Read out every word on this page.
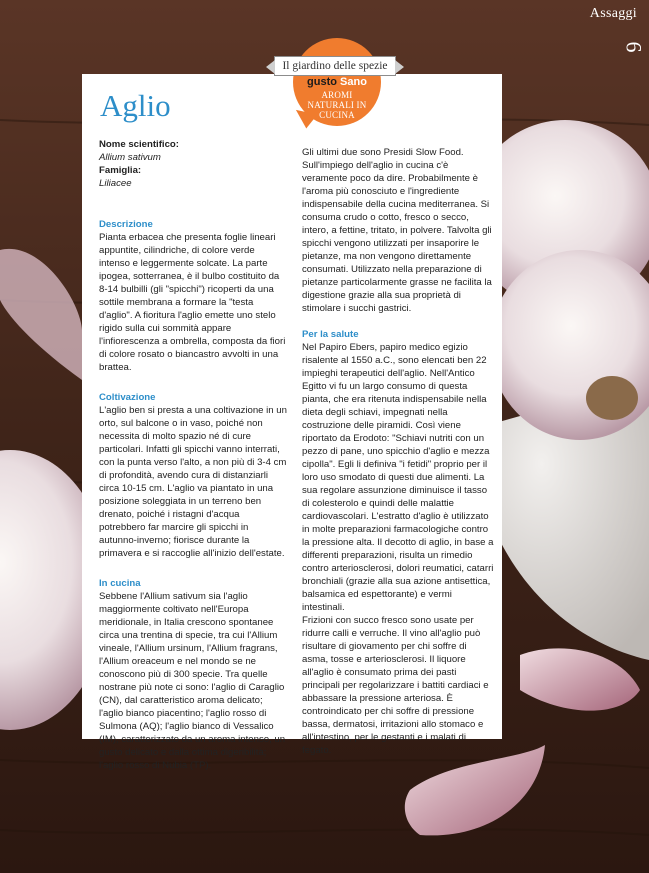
Assaggi
6
gusto Sano
AROMI NATURALI IN CUCINA
Il giardino delle spezie
Aglio
Nome scientifico:
Allium sativum
Famiglia:
Liliacee
Descrizione

Pianta erbacea che presenta foglie lineari appuntite, cilindriche, di colore verde intenso e leggermente solcate. La parte ipogea, sotterranea, è il bulbo costituito da 8-14 bulbilli (gli "spicchi") ricoperti da una sottile membrana a formare la "testa d'aglio". A fioritura l'aglio emette uno stelo rigido sulla cui sommità appare l'infiorescenza a ombrella, composta da fiori di colore rosato o biancastro avvolti in una brattea.

Coltivazione

L'aglio ben si presta a una coltivazione in un orto, sul balcone o in vaso, poiché non necessita di molto spazio né di cure particolari. Infatti gli spicchi vanno interrati, con la punta verso l'alto, a non più di 3-4 cm di profondità, avendo cura di distanziarli circa 10-15 cm. L'aglio va piantato in una posizione soleggiata in un terreno ben drenato, poiché i ristagni d'acqua potrebbero far marcire gli spicchi in autunno-inverno; fiorisce durante la primavera e si raccoglie all'inizio dell'estate.

In cucina

Sebbene l'Allium sativum sia l'aglio maggiormente coltivato nell'Europa meridionale, in Italia crescono spontanee circa una trentina di specie, tra cui l'Allium vineale, l'Allium ursinum, l'Allium fragrans, l'Allium oreaceum e nel mondo se ne conoscono più di 300 specie. Tra quelle nostrane più note ci sono: l'aglio di Caraglio (CN), dal caratteristico aroma delicato; l'aglio bianco piacentino; l'aglio rosso di Sulmona (AQ); l'aglio bianco di Vessalico (IM), caratterizzato da un aroma intenso, un gusto delicato e dalla ottima digeribilità; l'aglio rosso di Nubia (TP).

Gli ultimi due sono Presidi Slow Food. Sull'impiego dell'aglio in cucina c'è veramente poco da dire. Probabilmente è l'aroma più conosciuto e l'ingrediente indispensabile della cucina mediterranea. Si consuma crudo o cotto, fresco o secco, intero, a fettine, tritato, in polvere. Talvolta gli spicchi vengono utilizzati per insaporire le pietanze, ma non vengono direttamente consumati. Utilizzato nella preparazione di pietanze particolarmente grasse ne facilita la digestione grazie alla sua proprietà di stimolare i succhi gastrici.

Per la salute

Nel Papiro Ebers, papiro medico egizio risalente al 1550 a.C., sono elencati ben 22 impieghi terapeutici dell'aglio. Nell'Antico Egitto vi fu un largo consumo di questa pianta, che era ritenuta indispensabile nella dieta degli schiavi, impegnati nella costruzione delle piramidi. Così viene riportato da Erodoto: "Schiavi nutriti con un pezzo di pane, uno spicchio d'aglio e mezza cipolla". Egli li definiva "i fetidi" proprio per il loro uso smodato di questi due alimenti. La sua regolare assunzione diminuisce il tasso di colesterolo e quindi delle malattie cardiovascolari. L'estratto d'aglio è utilizzato in molte preparazioni farmacologiche contro la pressione alta. Il decotto di aglio, in base a differenti preparazioni, risulta un rimedio contro arteriosclerosi, dolori reumatici, catarri bronchiali (grazie alla sua azione antisettica, balsamica ed espettorante) e vermi intestinali.

Frizioni con succo fresco sono usate per ridurre calli e verruche. Il vino all'aglio può risultare di giovamento per chi soffre di asma, tosse e arteriosclerosi. Il liquore all'aglio è consumato prima dei pasti principali per regolarizzare i battiti cardiaci e abbassare la pressione arteriosa. È controindicato per chi soffre di pressione bassa, dermatosi, irritazioni allo stomaco e all'intestino, per le gestanti e i malati di fegato.
